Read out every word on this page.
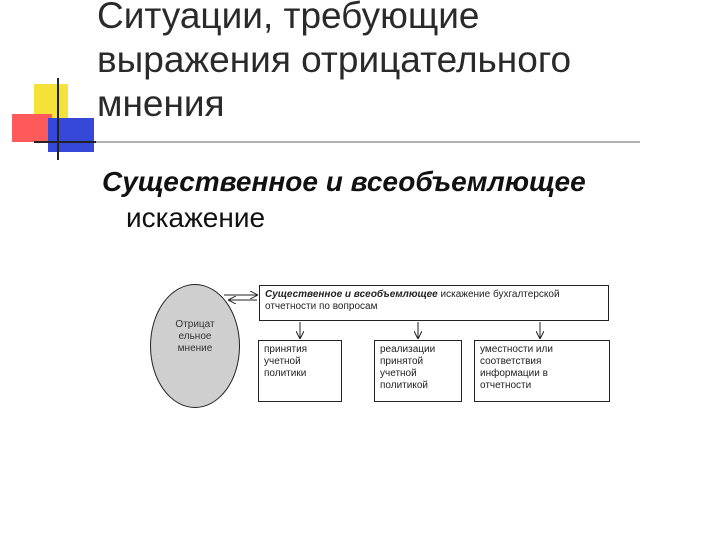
Ситуации, требующие
выражения отрицательного
мнения

Существенное и всеобъемлющее

искажение

Отрицат
ельное
мнение
Существенное и всеобъемлющее искажение бухгалтерской отчетности по вопросам
принятия
учетной
политики
реализации
принятой
учетной
политикой
уместности или
соответствия
информации в
отчетности
